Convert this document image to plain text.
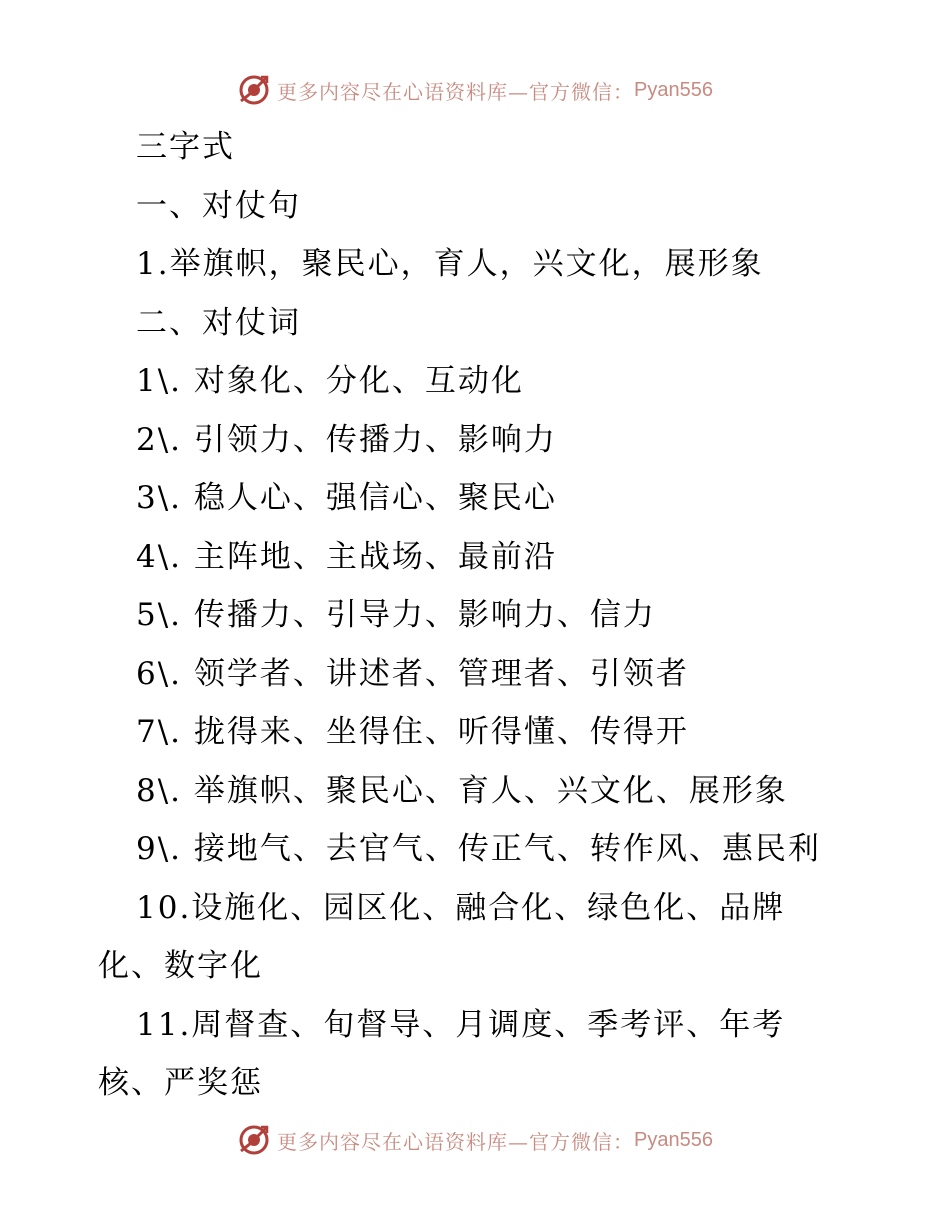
更多内容尽在心语资料库—官方微信： Pyan556
三字式
一、对仗句
1.举旗帜，聚民心，育人，兴文化，展形象
二、对仗词
1\. 对象化、分化、互动化
2\. 引领力、传播力、影响力
3\. 稳人心、强信心、聚民心
4\. 主阵地、主战场、最前沿
5\. 传播力、引导力、影响力、信力
6\. 领学者、讲述者、管理者、引领者
7\. 拢得来、坐得住、听得懂、传得开
8\. 举旗帜、聚民心、育人、兴文化、展形象
9\. 接地气、去官气、传正气、转作风、惠民利
10.设施化、园区化、融合化、绿色化、品牌
化、数字化
11.周督查、旬督导、月调度、季考评、年考
核、严奖惩
更多内容尽在心语资料库—官方微信： Pyan556
